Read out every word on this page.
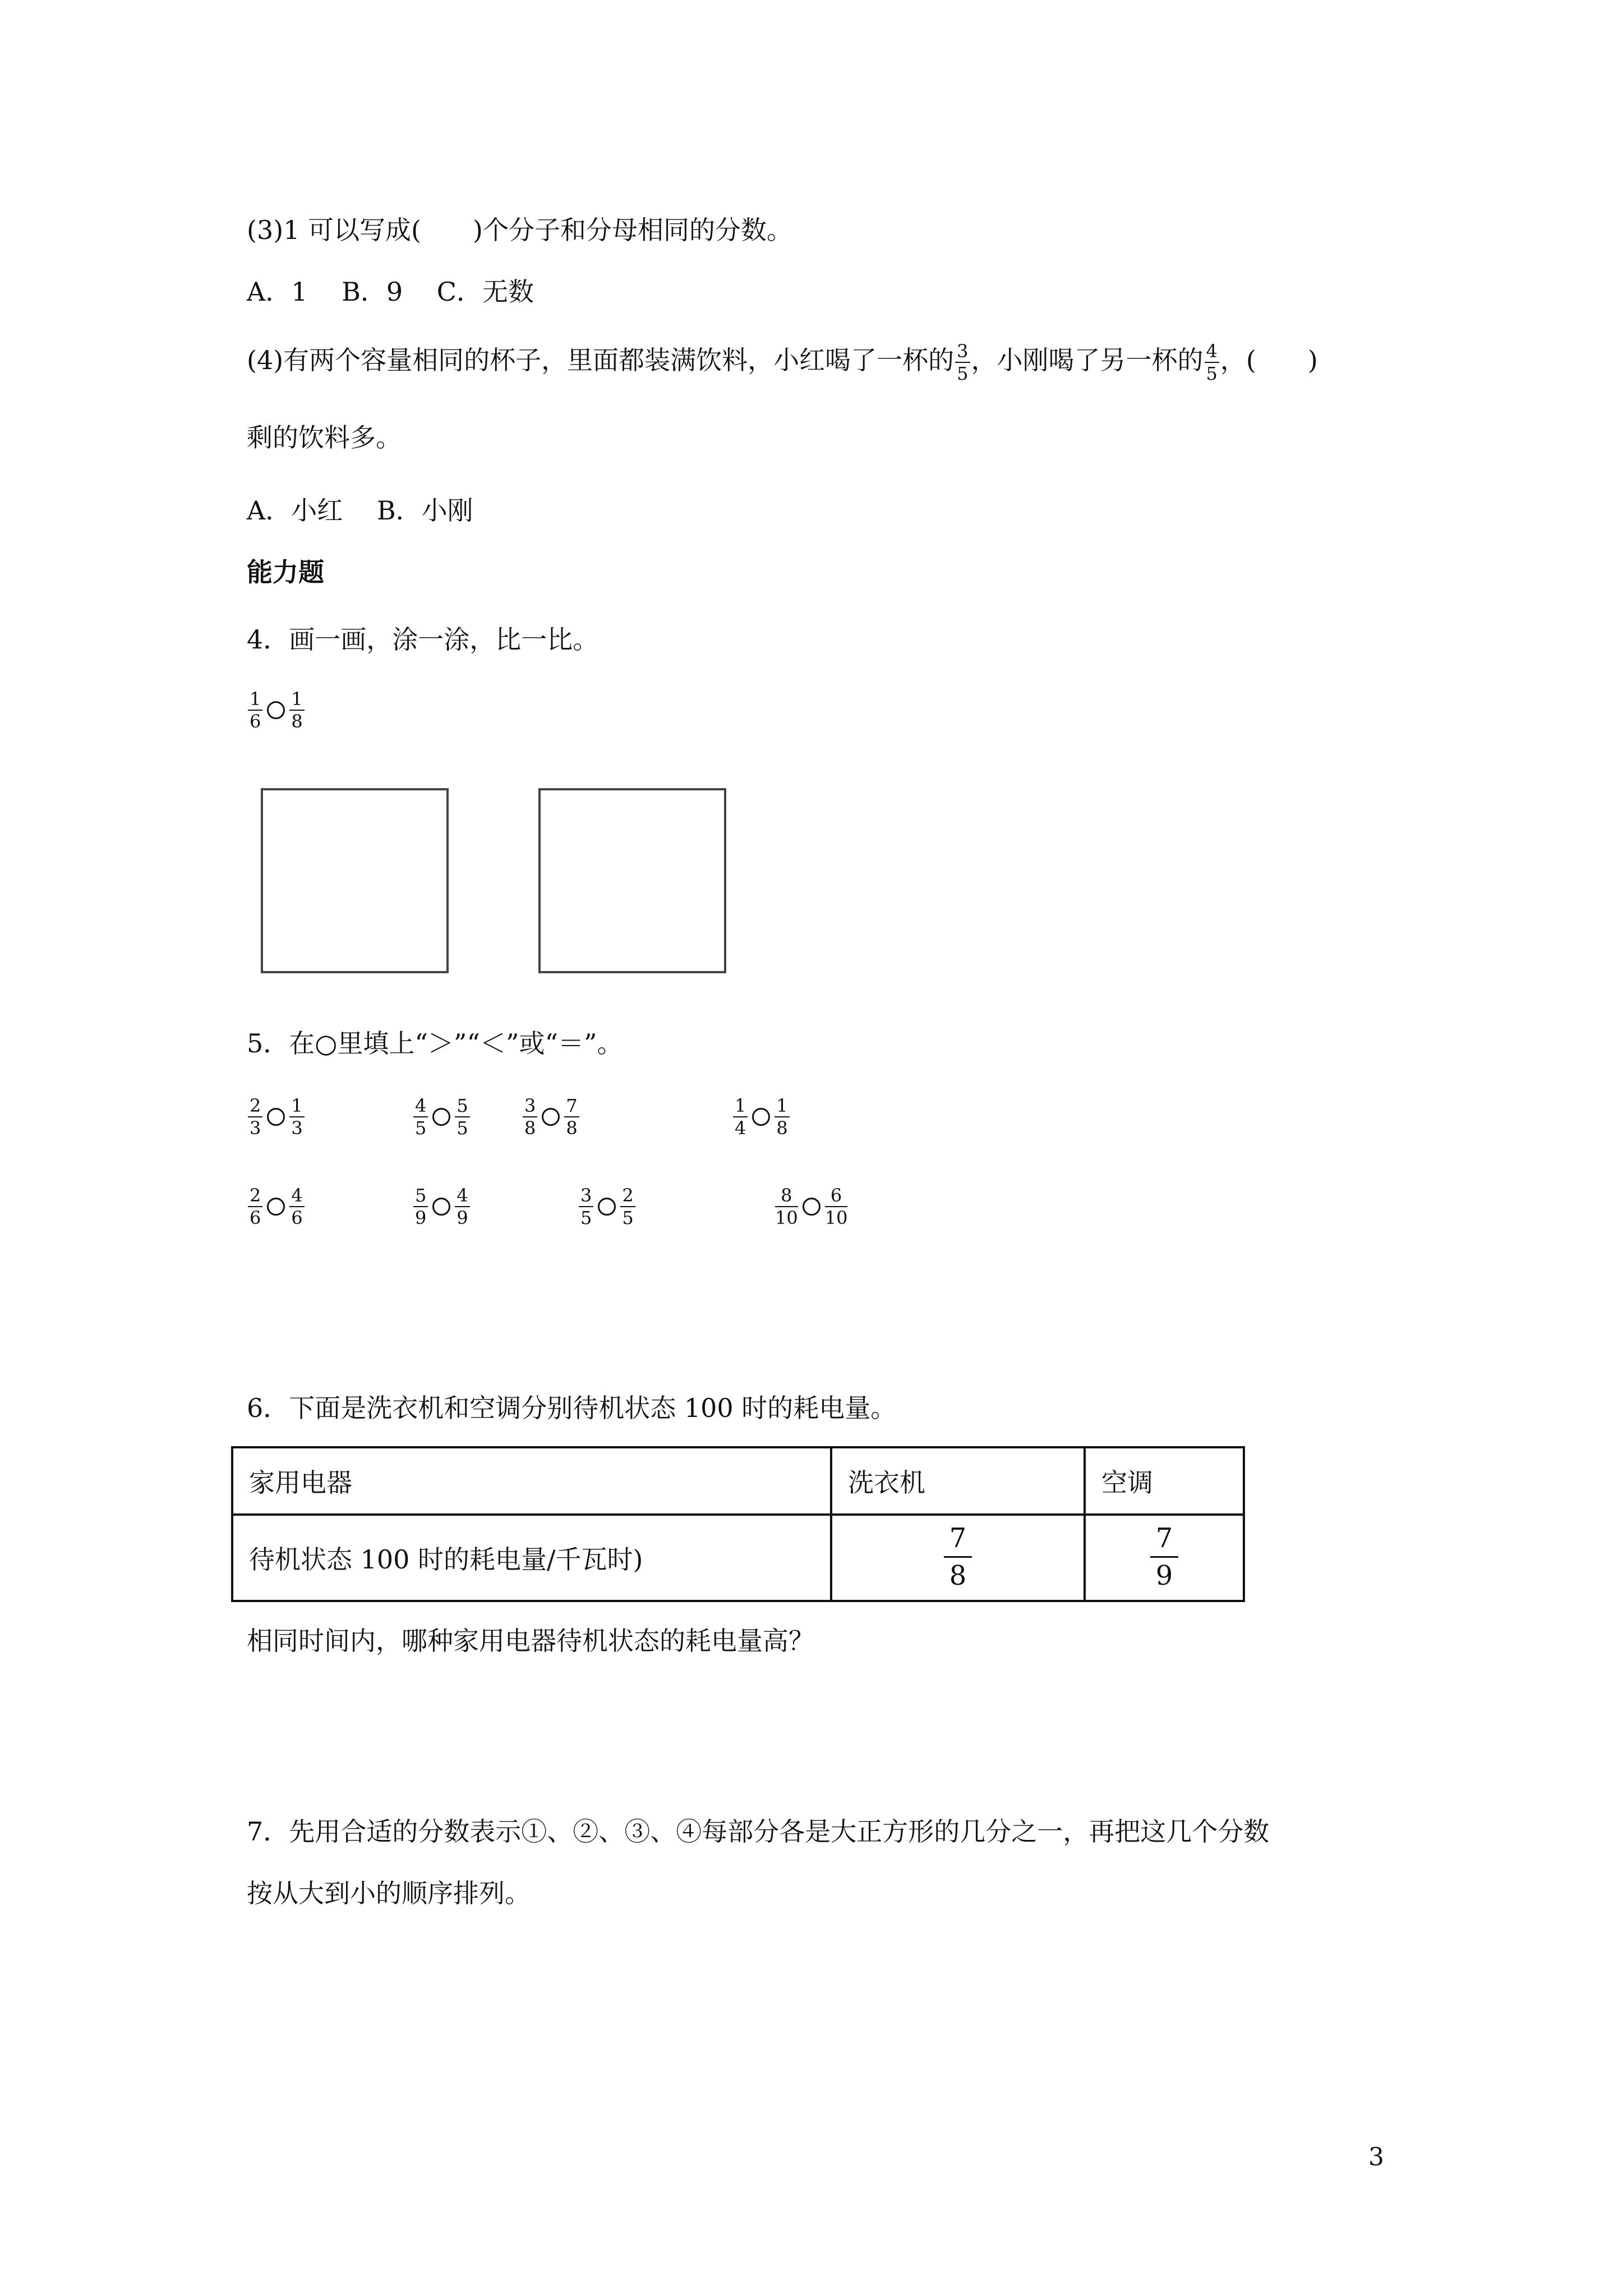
(3)1 可以写成(　　)个分子和分母相同的分数。
A．1　 B．9　 C．无数
(4)有两个容量相同的杯子，里面都装满饮料，小红喝了一杯的 $\frac{3}{5}$ ，小刚喝了另一杯的 $\frac{4}{5}$ ，(　　)
剩的饮料多。
A．小红　 B．小刚
能力题
4．画一画，涂一涂，比一比。
$\frac{1}{6} \frac{1}{8}$
5．在○里填上“＞”“＜”或“＝”。
$\frac{2}{3} \frac{1}{3}$	$\frac{4}{5} \frac{5}{5}$	$\frac{3}{8} \frac{7}{8}$	$\frac{1}{4} \frac{1}{8}$
$\frac{2}{6} \frac{4}{6}$	$\frac{5}{9} \frac{4}{9}$	$\frac{3}{5} \frac{2}{5}$	$\frac{8}{10} \frac{6}{10}$
6．下面是洗衣机和空调分别待机状态 100 时的耗电量。
家用电器	洗衣机	空调
待机状态 100 时的耗电量/千瓦时)	$\frac{7}{8}$	$\frac{7}{9}$
相同时间内，哪种家用电器待机状态的耗电量高？
7．先用合适的分数表示①、②、③、④每部分各是大正方形的几分之一，再把这几个分数
按从大到小的顺序排列。
3
